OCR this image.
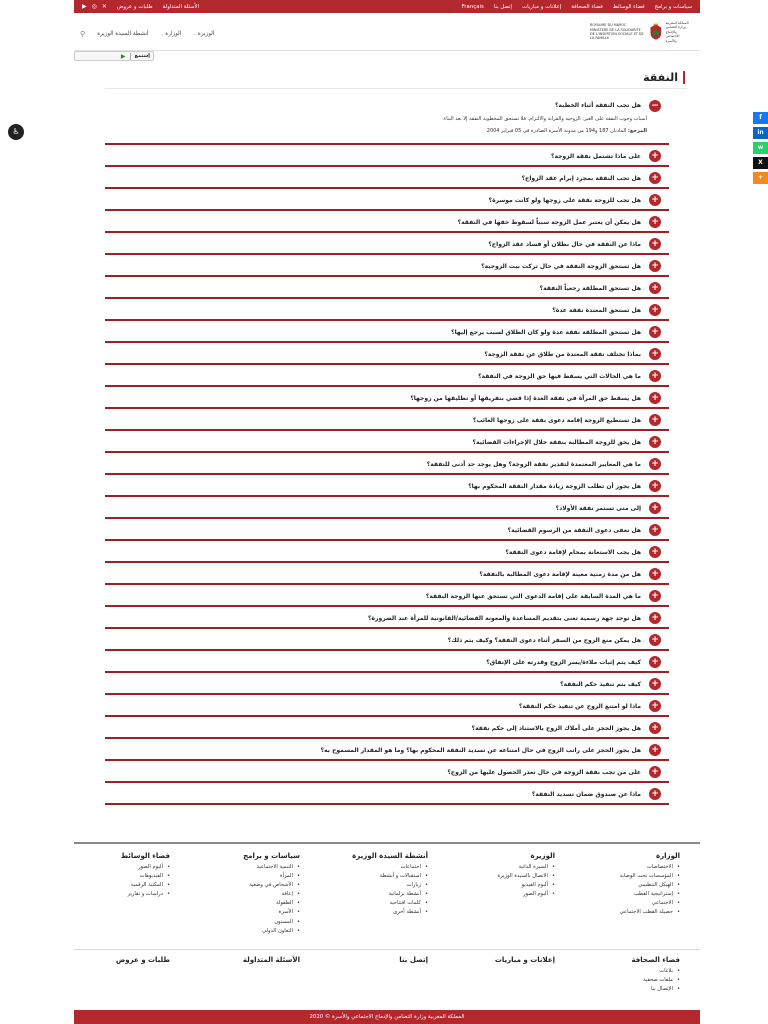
سياسات و برامج
فضاء الوسائط
فضاء الصحافة
إعلانات و مباريات
إتصل بنا
Français
الأسئلة المتداولة
طلبات و عروض
▶ ◎ ✕
ROYAUME DU MAROC
MINISTERE DE LA SOLIDARITE
DE L'INSERTION SOCIALE ET DE LA FAMILLE
المملكة المغربية
وزارة التضامن والإدماج
الاجتماعي والأسرة
الوزيرة ⌄
الوزارة ⌄
أنشطة السيدة الوزيرة
⚲
إستمع
▶
النفقة
♿
f
in
w
X
+
−
هل تجب النفقة أثناء الخطبة؟
أسباب وجوب النفقة على الغير: الزوجية والقرابة والالتزام. فلا تستحق المخطوبة النفقة إلا بعد البناء.
المرجع: المادتان 187 و194 من مدونة الأسرة الصادرة في 05 فبراير 2004
+
على ماذا تشتمل نفقة الزوجة؟
+
هل تجب النفقة بمجرد إبرام عقد الزواج؟
+
هل تجب للزوجة نفقة على زوجها ولو كانت موسرة؟
+
هل يمكن أن يعتبر عمل الزوجة سبباً لسقوط حقها في النفقة؟
+
ماذا عن النفقة في حال بطلان أو فساد عقد الزواج؟
+
هل تستحق الزوجة النفقة في حال تركت بيت الزوجية؟
+
هل تستحق المطلقة رجعياً النفقة؟
+
هل تستحق المعتدة نفقة عدة؟
+
هل تستحق المطلقة نفقة عدة ولو كان الطلاق لسبب يرجع إليها؟
+
بماذا تختلف نفقة المعتدة من طلاق عن نفقة الزوجة؟
+
ما هي الحالات التي يسقط فيها حق الزوجة في النفقة؟
+
هل يسقط حق المرأة في نفقة العدة إذا قضي بتفريقها أو تطليقها من زوجها؟
+
هل تستطيع الزوجة إقامة دعوى نفقة على زوجها الغائب؟
+
هل يحق للزوجة المطالبة بنفقة خلال الإجراءات القضائية؟
+
ما هي المعايير المعتمدة لتقدير نفقة الزوجة؟ وهل يوجد حد أدنى للنفقة؟
+
هل يجوز أن تطلب الزوجة زيادة مقدار النفقة المحكوم بها؟
+
إلى متى تستمر نفقة الأولاد؟
+
هل تعفى دعوى النفقة من الرسوم القضائية؟
+
هل يجب الاستعانة بمحام لإقامة دعوى النفقة؟
+
هل من مدة زمنية معينة لإقامة دعوى المطالبة بالنفقة؟
+
ما هي المدة السابقة على إقامة الدعوى التي تستحق عنها الزوجة النفقة؟
+
هل توجد جهة رسمية تعنى بتقديم المساعدة والمعونة القضائية/القانونية للمرأة عند الضرورة؟
+
هل يمكن منع الزوج من السفر أثناء دعوى النفقة؟ وكيف يتم ذلك؟
+
كيف يتم إثبات ملاءة/يسر الزوج وقدرته على الإنفاق؟
+
كيف يتم تنفيذ حكم النفقة؟
+
ماذا لو امتنع الزوج عن تنفيذ حكم النفقة؟
+
هل يجوز الحجز على أملاك الزوج بالاستناد إلى حكم نفقة؟
+
هل يجوز الحجز على راتب الزوج في حال امتناعه عن تسديد النفقة المحكوم بها؟ وما هو المقدار المسموح به؟
+
على من تجب نفقة الزوجة في حال تعذر الحصول عليها من الزوج؟
+
ماذا عن صندوق ضمان تسديد النفقة؟
الوزارة
• الاختصاصات
• المؤسسات تحت الوصاية
• الهيكل التنظيمي
• إستراتيجية القطب
• الاجتماعي
• حصيلة القطب الاجتماعي
الوزيرة
• السيرة الذاتية
• الاتصال بالسيدة الوزيرة
• ألبوم الفيديو
• ألبوم الصور
أنشطة السيدة الوزيرة
• اجتماعات
• استقبالات و أنشطة
• زيارات
• أنشطة برلمانية
• كلمات افتتاحية
• أنشطة أخرى
سياسات و برامج
• التنمية الاجتماعية
• المرأة
• الأشخاص في وضعية
• إعاقة
• الطفولة
• الأسرة
• المسنون
• التعاون الدولي
فضاء الوسائط
• ألبوم الصور
• الفيديوهات
• المكتبة الرقمية
• دراسات و تقارير
فضاء الصحافة
• بلاغات
• ملفات صحفية
• الإتصال بنا
إعلانات و مباريات
إتصل بنا
الأسئلة المتداولة
طلبات و عروض
المملكة المغربية وزارة التضامن والإدماج الاجتماعي والأسرة © 2020
